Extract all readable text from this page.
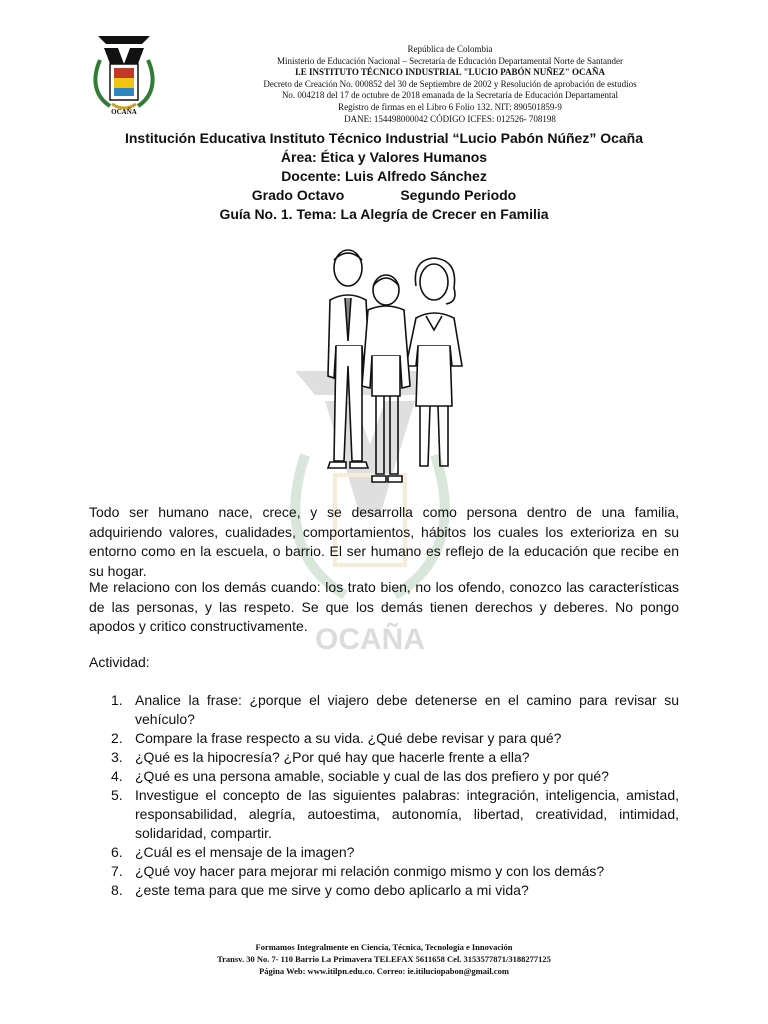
OCAÑA
República de Colombia
Ministerio de Educación Nacional – Secretaría de Educación Departamental Norte de Santander
I.E INSTITUTO TÉCNICO INDUSTRIAL "LUCIO PABÓN NUÑEZ" OCAÑA
Decreto de Creación No. 000852 del 30 de Septiembre de 2002 y Resolución de aprobación de estudios
No. 004218 del 17 de octubre de 2018 emanada de la Secretaría de Educación Departamental
Registro de firmas en el Libro 6 Folio 132. NIT: 890501859-9
DANE: 154498000042 CÓDIGO ICFES: 012526- 708198
Institución Educativa Instituto Técnico Industrial “Lucio Pabón Núñez” Ocaña
Área: Ética y Valores Humanos
Docente: Luis Alfredo Sánchez
Grado Octavo	Segundo Periodo
Guía No. 1. Tema: La Alegría de Crecer en Familia
OCAÑA
Todo ser humano nace, crece, y se desarrolla como persona dentro de una familia, adquiriendo valores, cualidades, comportamientos, hábitos los cuales los exterioriza en su entorno como en la escuela, o barrio. El ser humano es reflejo de la educación que recibe en su hogar.
Me relaciono con los demás cuando: los trato bien, no los ofendo, conozco las características de las personas, y las respeto. Se que los demás tienen derechos y deberes. No pongo apodos y critico constructivamente.
Actividad:
1. Analice la frase: ¿porque el viajero debe detenerse en el camino para revisar su vehículo?
2. Compare la frase respecto a su vida. ¿Qué debe revisar y para qué?
3. ¿Qué es la hipocresía? ¿Por qué hay que hacerle frente a ella?
4. ¿Qué es una persona amable, sociable y cual de las dos prefiero y por qué?
5. Investigue el concepto de las siguientes palabras: integración, inteligencia, amistad, responsabilidad, alegría, autoestima, autonomía, libertad, creatividad, intimidad, solidaridad, compartir.
6. ¿Cuál es el mensaje de la imagen?
7. ¿Qué voy hacer para mejorar mi relación conmigo mismo y con los demás?
8. ¿este tema para que me sirve y como debo aplicarlo a mi vida?
Formamos Integralmente en Ciencia, Técnica, Tecnología e Innovación
Transv. 30 No. 7- 110 Barrio La Primavera TELEFAX 5611658 Cel. 3153577871/3188277125
Página Web: www.itilpn.edu.co. Correo: ie.itiluciopabon@gmail.com
